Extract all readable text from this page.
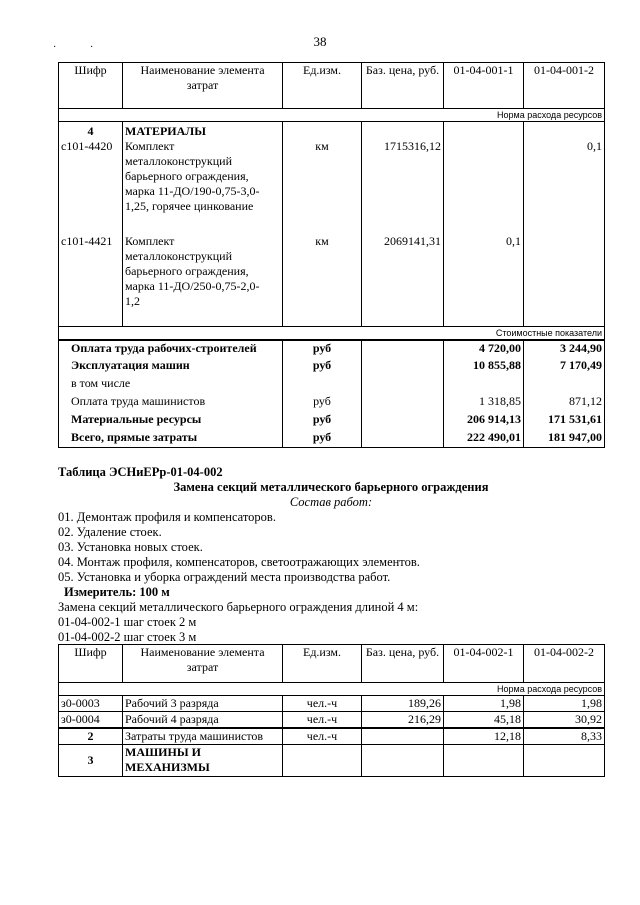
38
·	·
Шифр	Наименование элемента затрат	Ед.изм.	Баз. цена, руб.	01-04-001-1	01-04-001-2
Норма расхода ресурсов					
4	МАТЕРИАЛЫ				
с101-4420	Комплект
металлоконструкций
барьерного ограждения,
марка 11-ДО/190-0,75-3,0-
1,25, горячее цинкование	км	1715316,12		0,1
с101-4421	Комплект
металлоконструкций
барьерного ограждения,
марка 11-ДО/250-0,75-2,0-
1,2	км	2069141,31	0,1	
Стоимостные показатели					
Оплата труда рабочих-строителей		руб		4 720,00	3 244,90
Эксплуатация машин		руб		10 855,88	7 170,49
в том числе					
Оплата труда машинистов		руб		1 318,85	871,12
Материальные ресурсы		руб		206 914,13	171 531,61
Всего, прямые затраты		руб		222 490,01	181 947,00
Таблица ЭСНиЕРр-01-04-002
Замена секций металлического барьерного ограждения
Состав работ:
01. Демонтаж профиля и компенсаторов.
02. Удаление стоек.
03. Установка новых стоек.
04. Монтаж профиля, компенсаторов, светоотражающих элементов.
05. Установка и уборка ограждений места производства работ.
Измеритель: 100 м
Замена секций металлического барьерного ограждения длиной 4 м:
01-04-002-1 шаг стоек 2 м
01-04-002-2 шаг стоек 3 м
Шифр	Наименование элемента затрат	Ед.изм.	Баз. цена, руб.	01-04-002-1	01-04-002-2
Норма расхода ресурсов					
з0-0003	Рабочий 3 разряда	чел.-ч	189,26	1,98	1,98
з0-0004	Рабочий 4 разряда	чел.-ч	216,29	45,18	30,92
2	Затраты труда машинистов	чел.-ч		12,18	8,33
3	МАШИНЫ И
МЕХАНИЗМЫ				
